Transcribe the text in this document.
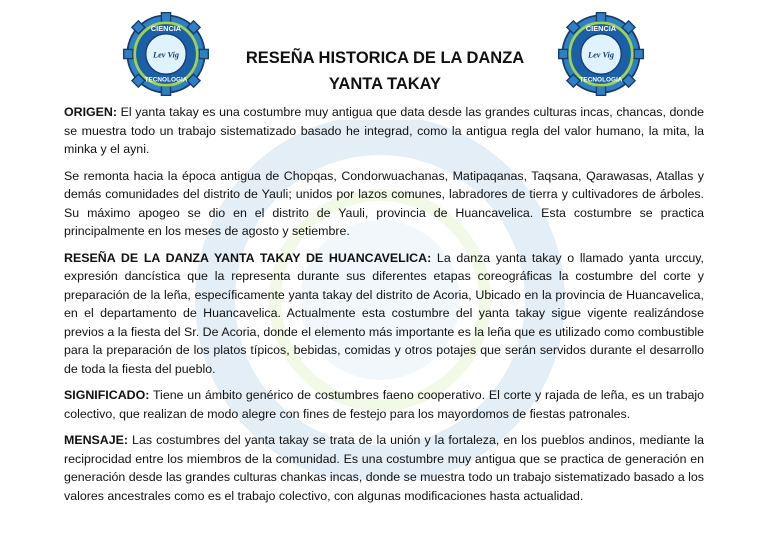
CIENCIA
TECNOLOGIA
Lev Vig
CIENCIA
TECNOLOGIA
Lev Vig
RESEÑA HISTORICA DE LA DANZA
YANTA TAKAY

ORIGEN: El yanta takay es una costumbre muy antigua que data desde las grandes culturas incas, chancas, donde se muestra todo un trabajo sistematizado basado he integrad, como la antigua regla del valor humano, la mita, la minka y el ayni.

Se remonta hacia la época antigua de Chopqas, Condorwuachanas, Matipaqanas, Taqsana, Qarawasas, Atallas y demás comunidades del distrito de Yauli; unidos por lazos comunes, labradores de tierra y cultivadores de árboles. Su máximo apogeo se dio en el distrito de Yauli, provincia de Huancavelica. Esta costumbre se practica principalmente en los meses de agosto y setiembre.

RESEÑA DE LA DANZA YANTA TAKAY DE HUANCAVELICA: La danza yanta takay o llamado yanta urccuy, expresión dancística que la representa durante sus diferentes etapas coreográficas la costumbre del corte y preparación de la leña, específicamente yanta takay del distrito de Acoria, Ubicado en la provincia de Huancavelica, en el departamento de Huancavelica. Actualmente esta costumbre del yanta takay sigue vigente realizándose previos a la fiesta del Sr. De Acoria, donde el elemento más importante es la leña que es utilizado como combustible para la preparación de los platos típicos, bebidas, comidas y otros potajes que serán servidos durante el desarrollo de toda la fiesta del pueblo.

SIGNIFICADO: Tiene un ámbito genérico de costumbres faeno cooperativo. El corte y rajada de leña, es un trabajo colectivo, que realizan de modo alegre con fines de festejo para los mayordomos de fiestas patronales.

MENSAJE: Las costumbres del yanta takay se trata de la unión y la fortaleza, en los pueblos andinos, mediante la reciprocidad entre los miembros de la comunidad. Es una costumbre muy antigua que se practica de generación en generación desde las grandes culturas chankas incas, donde se muestra todo un trabajo sistematizado basado a los valores ancestrales como es el trabajo colectivo, con algunas modificaciones hasta actualidad.
